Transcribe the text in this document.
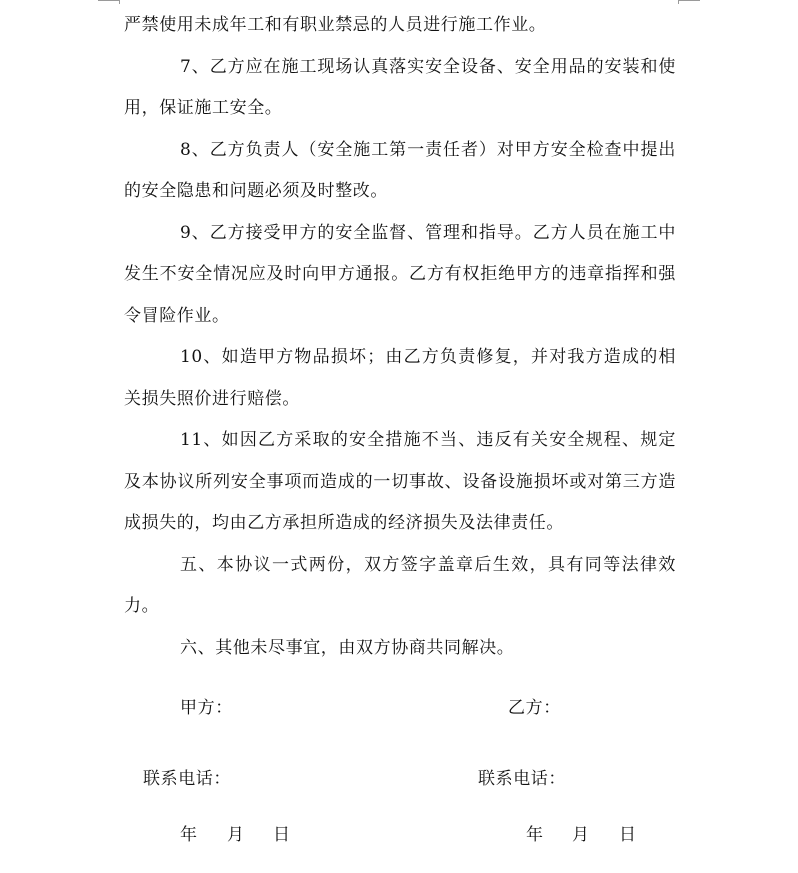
严禁使用未成年工和有职业禁忌的人员进行施工作业。

7、乙方应在施工现场认真落实安全设备、安全用品的安装和使用，保证施工安全。

8、乙方负责人（安全施工第一责任者）对甲方安全检查中提出的安全隐患和问题必须及时整改。

9、乙方接受甲方的安全监督、管理和指导。乙方人员在施工中发生不安全情况应及时向甲方通报。乙方有权拒绝甲方的违章指挥和强令冒险作业。

10、如造甲方物品损坏；由乙方负责修复，并对我方造成的相关损失照价进行赔偿。

11、如因乙方采取的安全措施不当、违反有关安全规程、规定及本协议所列安全事项而造成的一切事故、设备设施损坏或对第三方造成损失的，均由乙方承担所造成的经济损失及法律责任。

五、本协议一式两份，双方签字盖章后生效，具有同等法律效力。

六、其他未尽事宜，由双方协商共同解决。

甲方：	乙方：
联系电话：	联系电话：
年 月 日	年 月 日
